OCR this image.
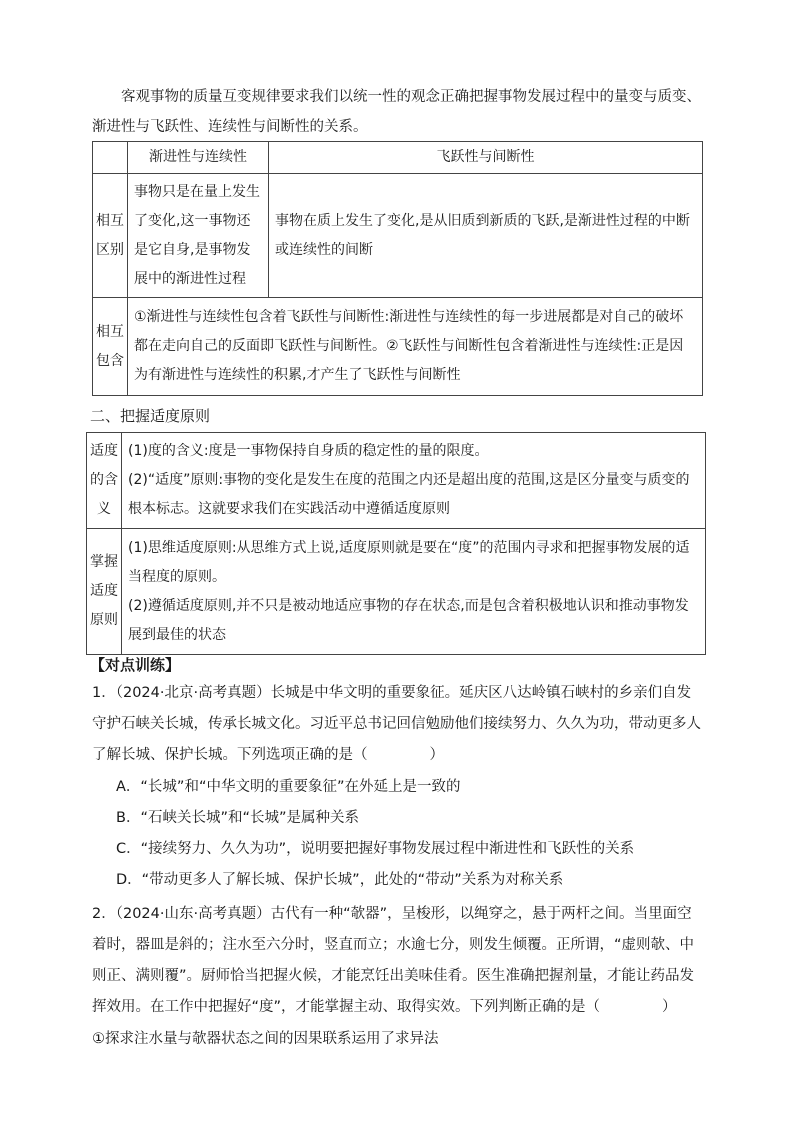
客观事物的质量互变规律要求我们以统一性的观念正确把握事物发展过程中的量变与质变、渐进性与飞跃性、连续性与间断性的关系。

	渐进性与连续性	飞跃性与间断性
相互区别	事物只是在量上发生了变化,这一事物还是它自身,是事物发展中的渐进性过程	事物在质上发生了变化,是从旧质到新质的飞跃,是渐进性过程的中断或连续性的间断
相互包含	①渐进性与连续性包含着飞跃性与间断性:渐进性与连续性的每一步进展都是对自己的破坏都在走向自己的反面即飞跃性与间断性。②飞跃性与间断性包含着渐进性与连续性:正是因为有渐进性与连续性的积累,才产生了飞跃性与间断性	
二、把握适度原则
适度的含义	(1)度的含义:度是一事物保持自身质的稳定性的量的限度。
(2)“适度”原则:事物的变化是发生在度的范围之内还是超出度的范围,这是区分量变与质变的根本标志。这就要求我们在实践活动中遵循适度原则

掌握适度原则	(1)思维适度原则:从思维方式上说,适度原则就是要在“度”的范围内寻求和把握事物发展的适当程度的原则。
(2)遵循适度原则,并不只是被动地适应事物的存在状态,而是包含着积极地认识和推动事物发展到最佳的状态
【对点训练】

1．（2024·北京·高考真题）长城是中华文明的重要象征。延庆区八达岭镇石峡村的乡亲们自发守护石峡关长城，传承长城文化。习近平总书记回信勉励他们接续努力、久久为功，带动更多人了解长城、保护长城。下列选项正确的是（	）

A．“长城”和“中华文明的重要象征”在外延上是一致的
B．“石峡关长城”和“长城”是属种关系
C．“接续努力、久久为功”，说明要把握好事物发展过程中渐进性和飞跃性的关系
D．“带动更多人了解长城、保护长城”，此处的“带动”关系为对称关系

2．（2024·山东·高考真题）古代有一种“欹器”，呈梭形，以绳穿之，悬于两杆之间。当里面空着时，器皿是斜的；注水至六分时，竖直而立；水逾七分，则发生倾覆。正所谓，“虚则欹、中则正、满则覆”。厨师恰当把握火候，才能烹饪出美味佳肴。医生准确把握剂量，才能让药品发挥效用。在工作中把握好“度”，才能掌握主动、取得实效。下列判断正确的是（	）

①探求注水量与欹器状态之间的因果联系运用了求异法
